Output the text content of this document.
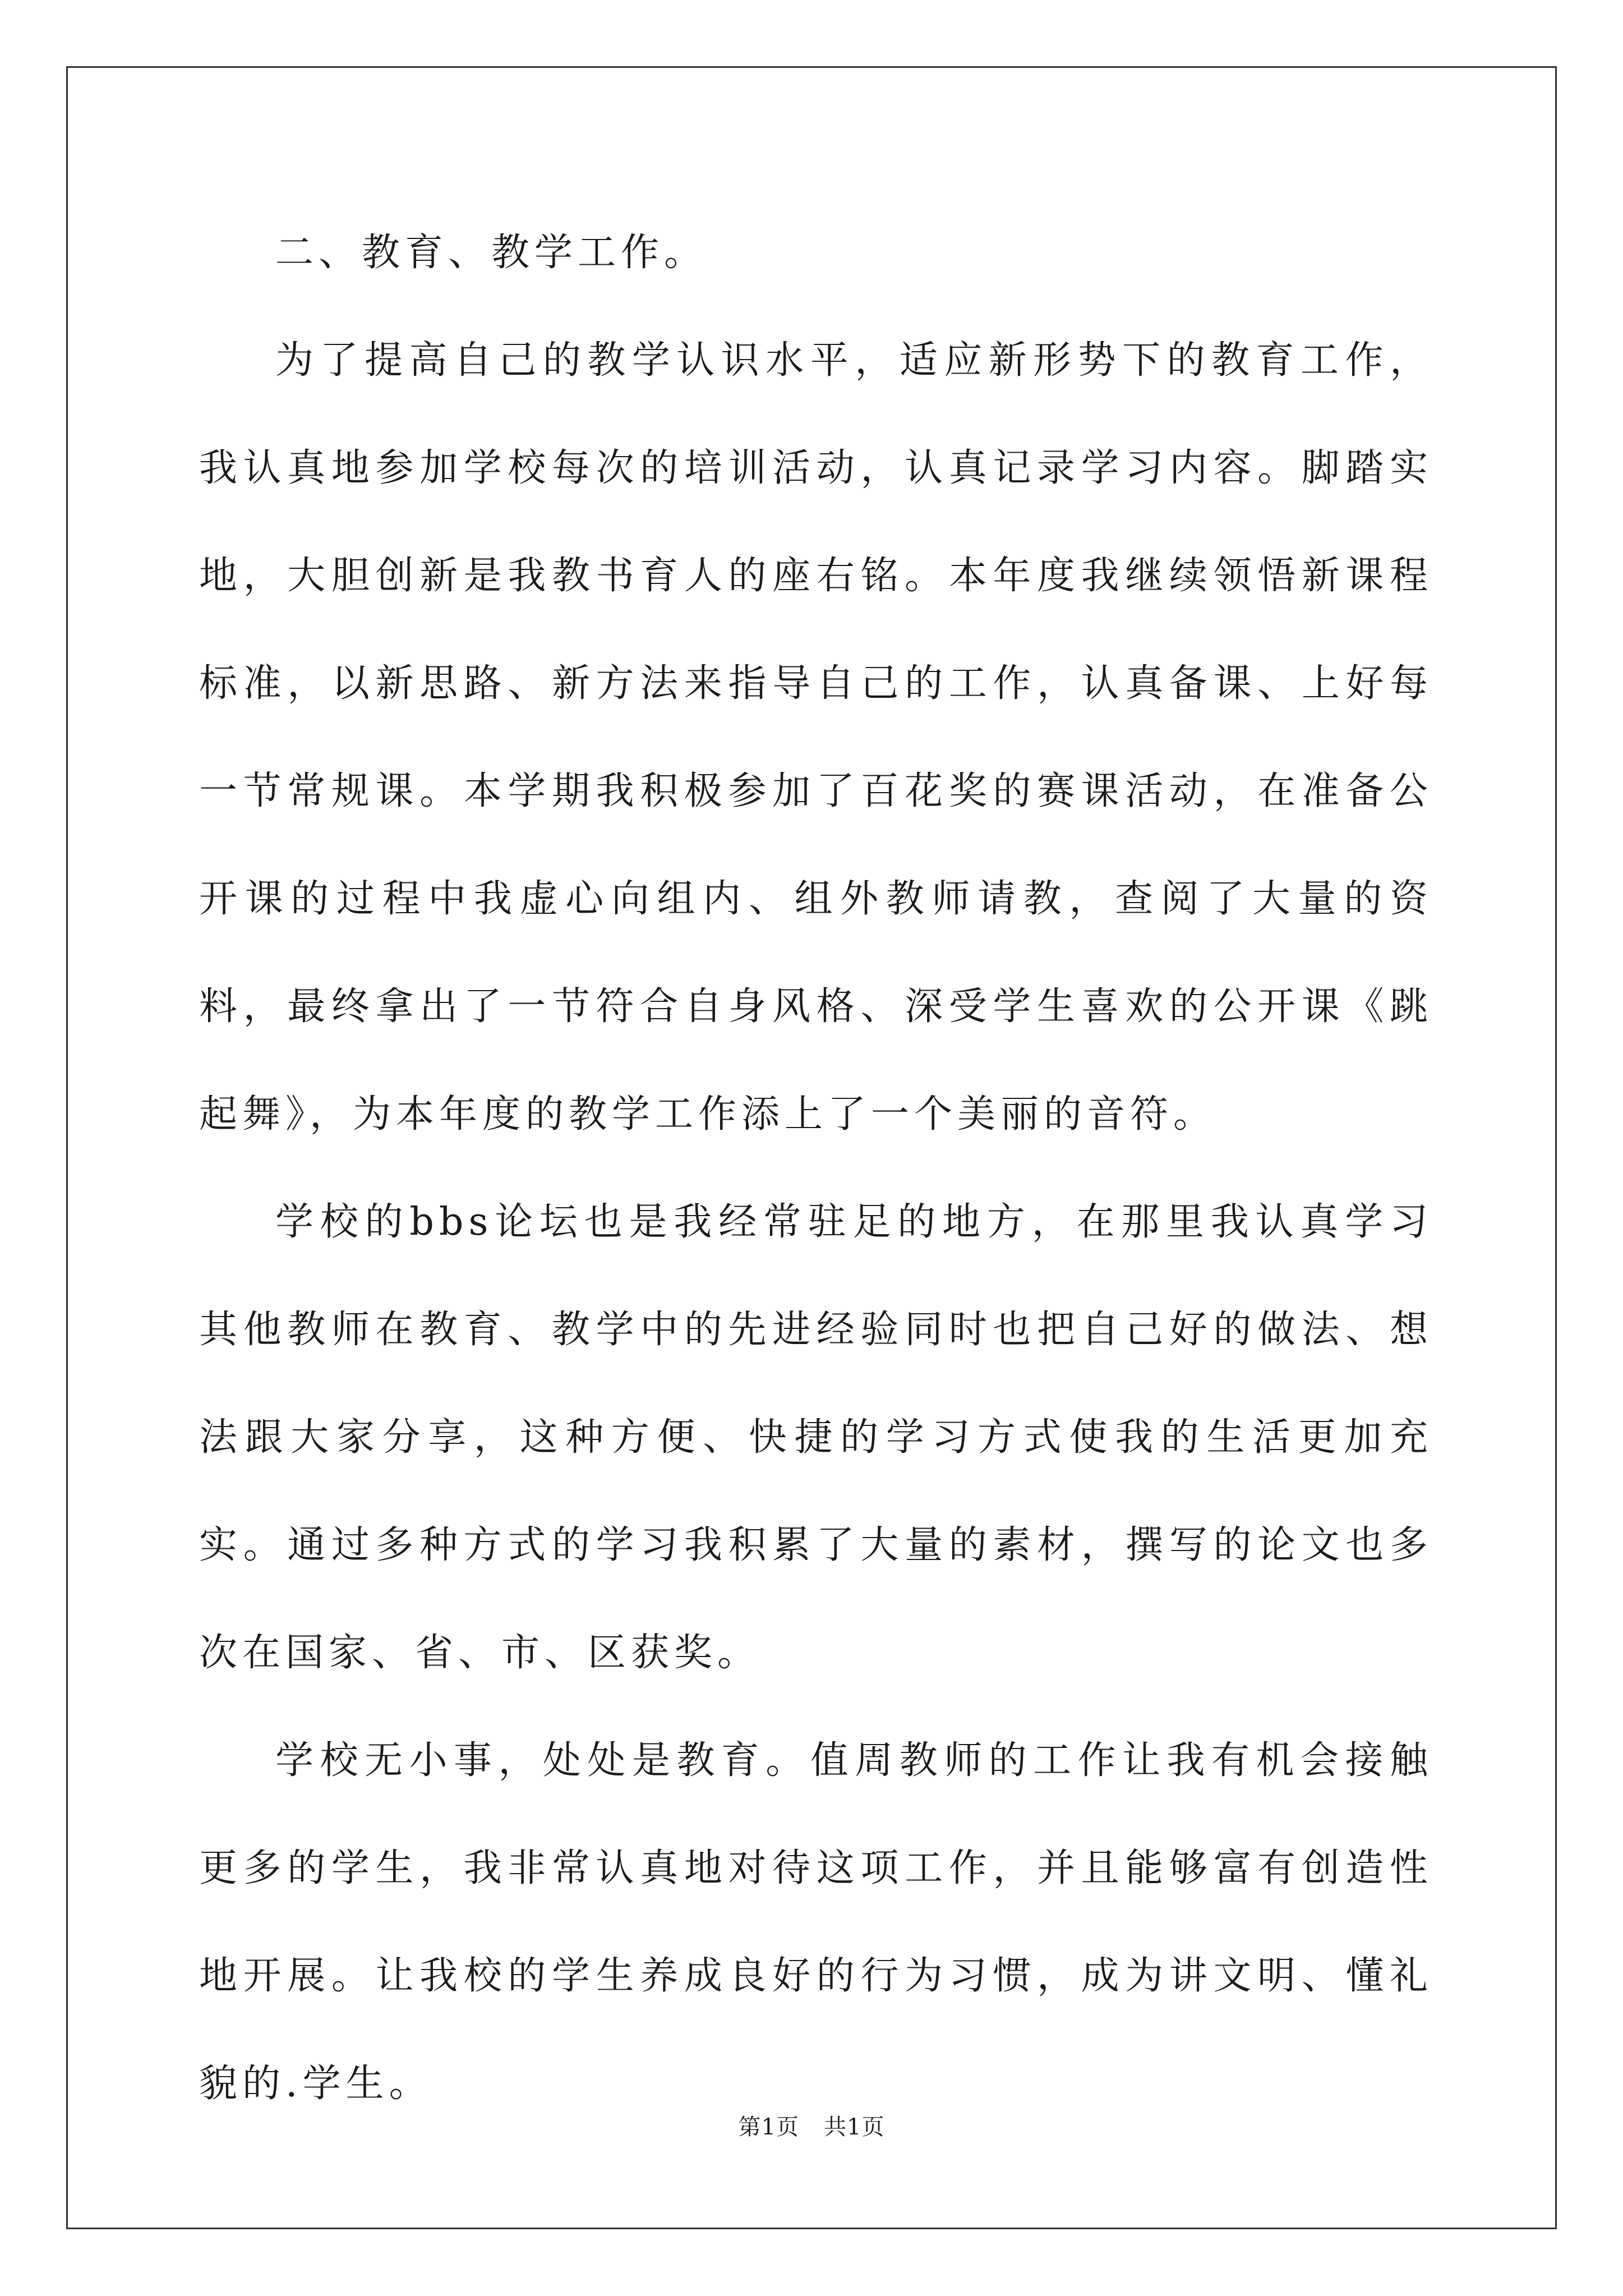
二、教育、教学工作。

为了提高自己的教学认识水平，适应新形势下的教育工作，我认真地参加学校每次的培训活动，认真记录学习内容。脚踏实地，大胆创新是我教书育人的座右铭。本年度我继续领悟新课程标准，以新思路、新方法来指导自己的工作，认真备课、上好每一节常规课。本学期我积极参加了百花奖的赛课活动，在准备公开课的过程中我虚心向组内、组外教师请教，查阅了大量的资料，最终拿出了一节符合自身风格、深受学生喜欢的公开课《跳起舞》，为本年度的教学工作添上了一个美丽的音符。

学校的bbs论坛也是我经常驻足的地方，在那里我认真学习其他教师在教育、教学中的先进经验同时也把自己好的做法、想法跟大家分享，这种方便、快捷的学习方式使我的生活更加充实。通过多种方式的学习我积累了大量的素材，撰写的论文也多次在国家、省、市、区获奖。

学校无小事，处处是教育。值周教师的工作让我有机会接触更多的学生，我非常认真地对待这项工作，并且能够富有创造性地开展。让我校的学生养成良好的行为习惯，成为讲文明、懂礼貌的.学生。

第1页 共1页
